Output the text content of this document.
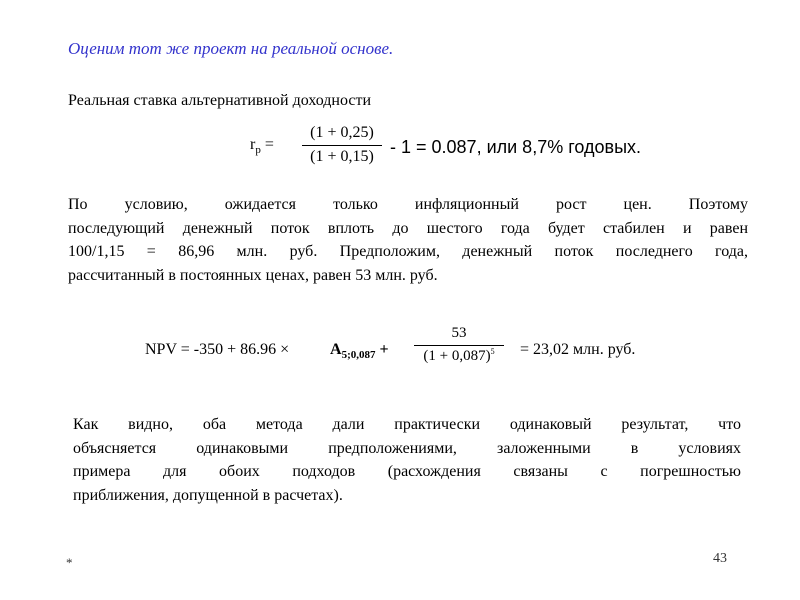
Оценим тот же проект на реальной основе.
Реальная ставка альтернативной доходности
$r_p$ =
(1 + 0,25)
(1 + 0,15) - 1 = 0.087, или 8,7% годовых.
По условию, ожидается только инфляционный рост цен. Поэтому
последующий денежный поток вплоть до шестого года будет стабилен и равен
100/1,15 = 86,96 млн. руб. Предположим, денежный поток последнего года,
рассчитанный в постоянных ценах, равен 53 млн. руб.
NPV = -350 + 86.96 ×	$A_{5;0,087}$ +
53
$(1 + 0,087)^5 = 23,02$ млн. руб.
Как видно, оба метода дали практически одинаковый результат, что
объясняется одинаковыми предположениями, заложенными в условиях
примера для обоих подходов (расхождения связаны с погрешностью
приближения, допущенной в расчетах).
*	43
